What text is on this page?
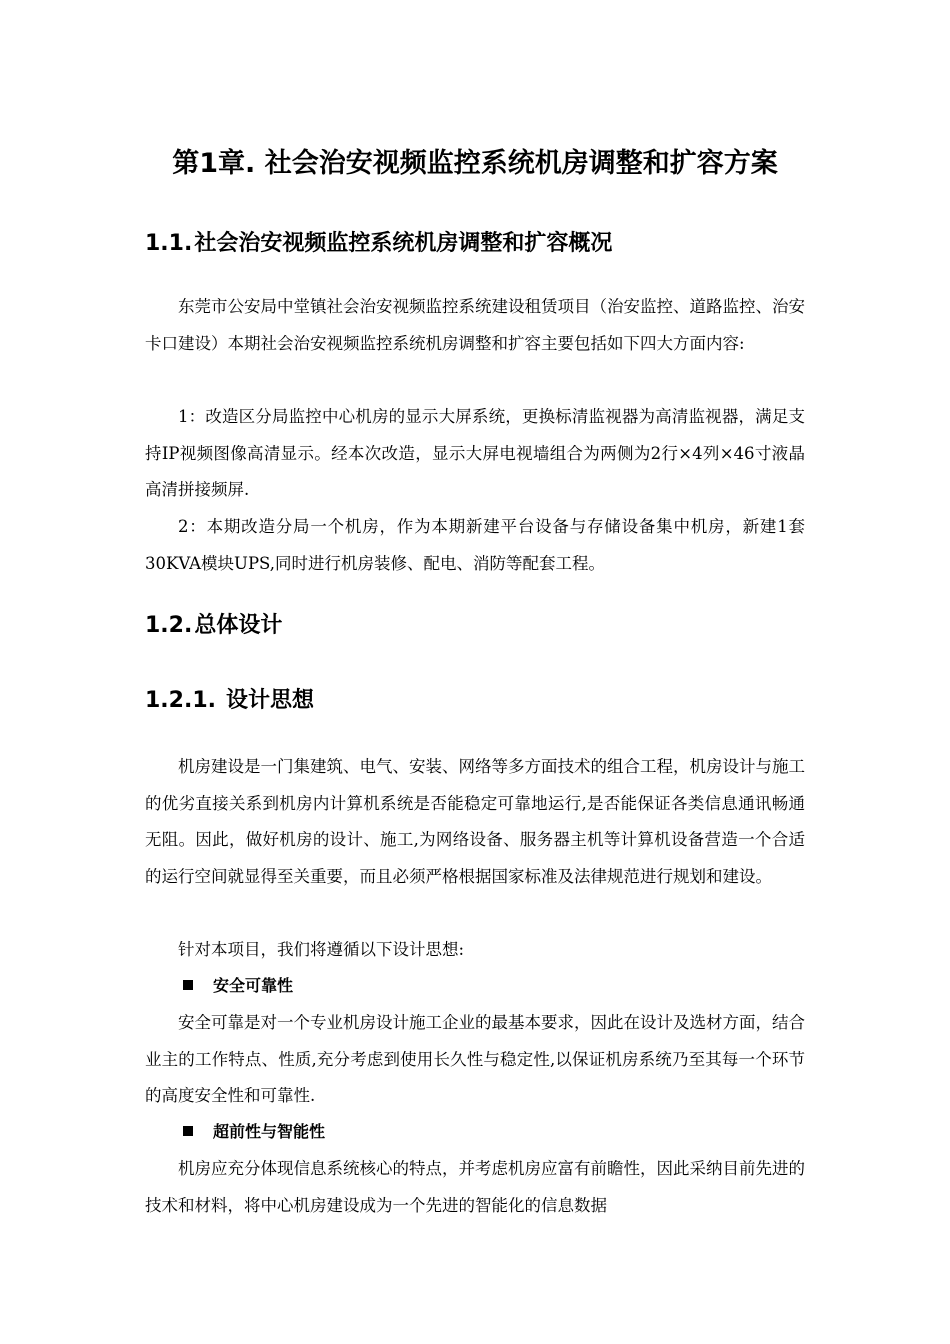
第1章. 社会治安视频监控系统机房调整和扩容方案
1.1.社会治安视频监控系统机房调整和扩容概况

东莞市公安局中堂镇社会治安视频监控系统建设租赁项目（治安监控、道路监控、治安卡口建设）本期社会治安视频监控系统机房调整和扩容主要包括如下四大方面内容:

1：改造区分局监控中心机房的显示大屏系统，更换标清监视器为高清监视器，满足支持IP视频图像高清显示。经本次改造，显示大屏电视墙组合为两侧为2行×4列×46寸液晶高清拼接频屏.

2：本期改造分局一个机房，作为本期新建平台设备与存储设备集中机房，新建1套30KVA模块UPS,同时进行机房装修、配电、消防等配套工程。

1.2.总体设计
1.2.1. 设计思想

机房建设是一门集建筑、电气、安装、网络等多方面技术的组合工程，机房设计与施工的优劣直接关系到机房内计算机系统是否能稳定可靠地运行,是否能保证各类信息通讯畅通无阻。因此，做好机房的设计、施工,为网络设备、服务器主机等计算机设备营造一个合适的运行空间就显得至关重要，而且必须严格根据国家标准及法律规范进行规划和建设。

针对本项目，我们将遵循以下设计思想:

安全可靠性

安全可靠是对一个专业机房设计施工企业的最基本要求，因此在设计及选材方面，结合业主的工作特点、性质,充分考虑到使用长久性与稳定性,以保证机房系统乃至其每一个环节的高度安全性和可靠性.

超前性与智能性

机房应充分体现信息系统核心的特点，并考虑机房应富有前瞻性，因此采纳目前先进的技术和材料，将中心机房建设成为一个先进的智能化的信息数据
